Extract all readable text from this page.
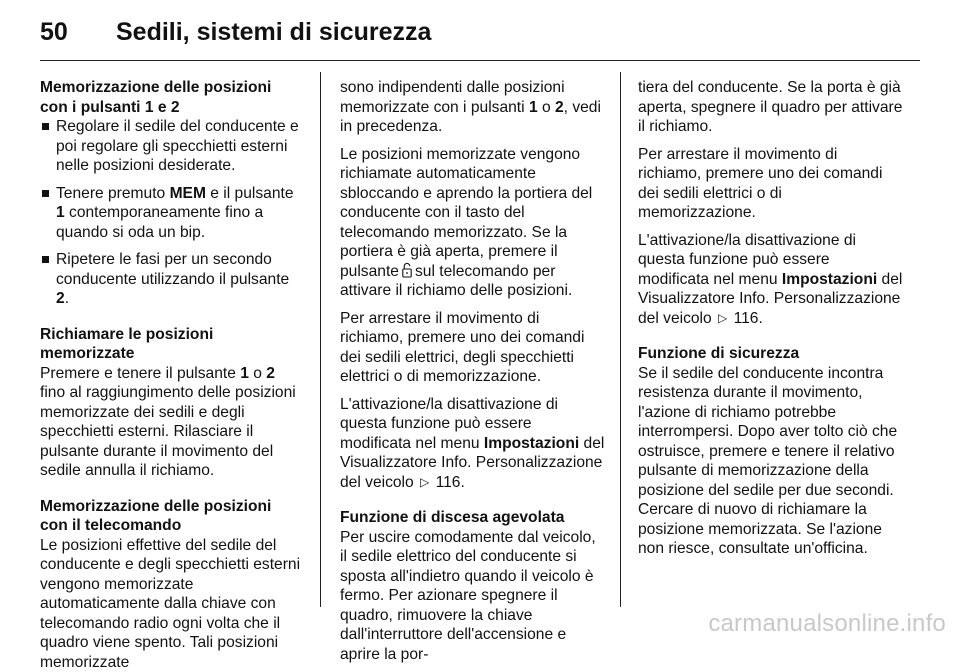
50 Sedili, sistemi di sicurezza

Memorizzazione delle posizioni con i pulsanti 1 e 2

Regolare il sedile del conducente e poi regolare gli specchietti esterni nelle posizioni desiderate.
Tenere premuto MEM e il pulsante 1 contemporaneamente fino a quando si oda un bip.
Ripetere le fasi per un secondo conducente utilizzando il pulsante 2.

Richiamare le posizioni memorizzate

Premere e tenere il pulsante 1 o 2 fino al raggiungimento delle posizioni memorizzate dei sedili e degli specchietti esterni. Rilasciare il pulsante durante il movimento del sedile annulla il richiamo.

Memorizzazione delle posizioni con il telecomando

Le posizioni effettive del sedile del conducente e degli specchietti esterni vengono memorizzate automaticamente dalla chiave con telecomando radio ogni volta che il quadro viene spento. Tali posizioni memorizzate

sono indipendenti dalle posizioni memorizzate con i pulsanti 1 o 2, vedi in precedenza.

Le posizioni memorizzate vengono richiamate automaticamente sbloccando e aprendo la portiera del conducente con il tasto del telecomando memorizzato. Se la portiera è già aperta, premere il pulsante sul telecomando per attivare il richiamo delle posizioni.

Per arrestare il movimento di richiamo, premere uno dei comandi dei sedili elettrici, degli specchietti elettrici o di memorizzazione.

L'attivazione/la disattivazione di questa funzione può essere modificata nel menu Impostazioni del Visualizzatore Info. Personalizzazione del veicolo ▷ 116.

Funzione di discesa agevolata

Per uscire comodamente dal veicolo, il sedile elettrico del conducente si sposta all'indietro quando il veicolo è fermo. Per azionare spegnere il quadro, rimuovere la chiave dall'interruttore dell'accensione e aprire la por-

tiera del conducente. Se la porta è già aperta, spegnere il quadro per attivare il richiamo.

Per arrestare il movimento di richiamo, premere uno dei comandi dei sedili elettrici o di memorizzazione.

L'attivazione/la disattivazione di questa funzione può essere modificata nel menu Impostazioni del Visualizzatore Info. Personalizzazione del veicolo ▷ 116.

Funzione di sicurezza

Se il sedile del conducente incontra resistenza durante il movimento, l'azione di richiamo potrebbe interrompersi. Dopo aver tolto ciò che ostruisce, premere e tenere il relativo pulsante di memorizzazione della posizione del sedile per due secondi. Cercare di nuovo di richiamare la posizione memorizzata. Se l'azione non riesce, consultate un'officina.

carmanualsonline.info
